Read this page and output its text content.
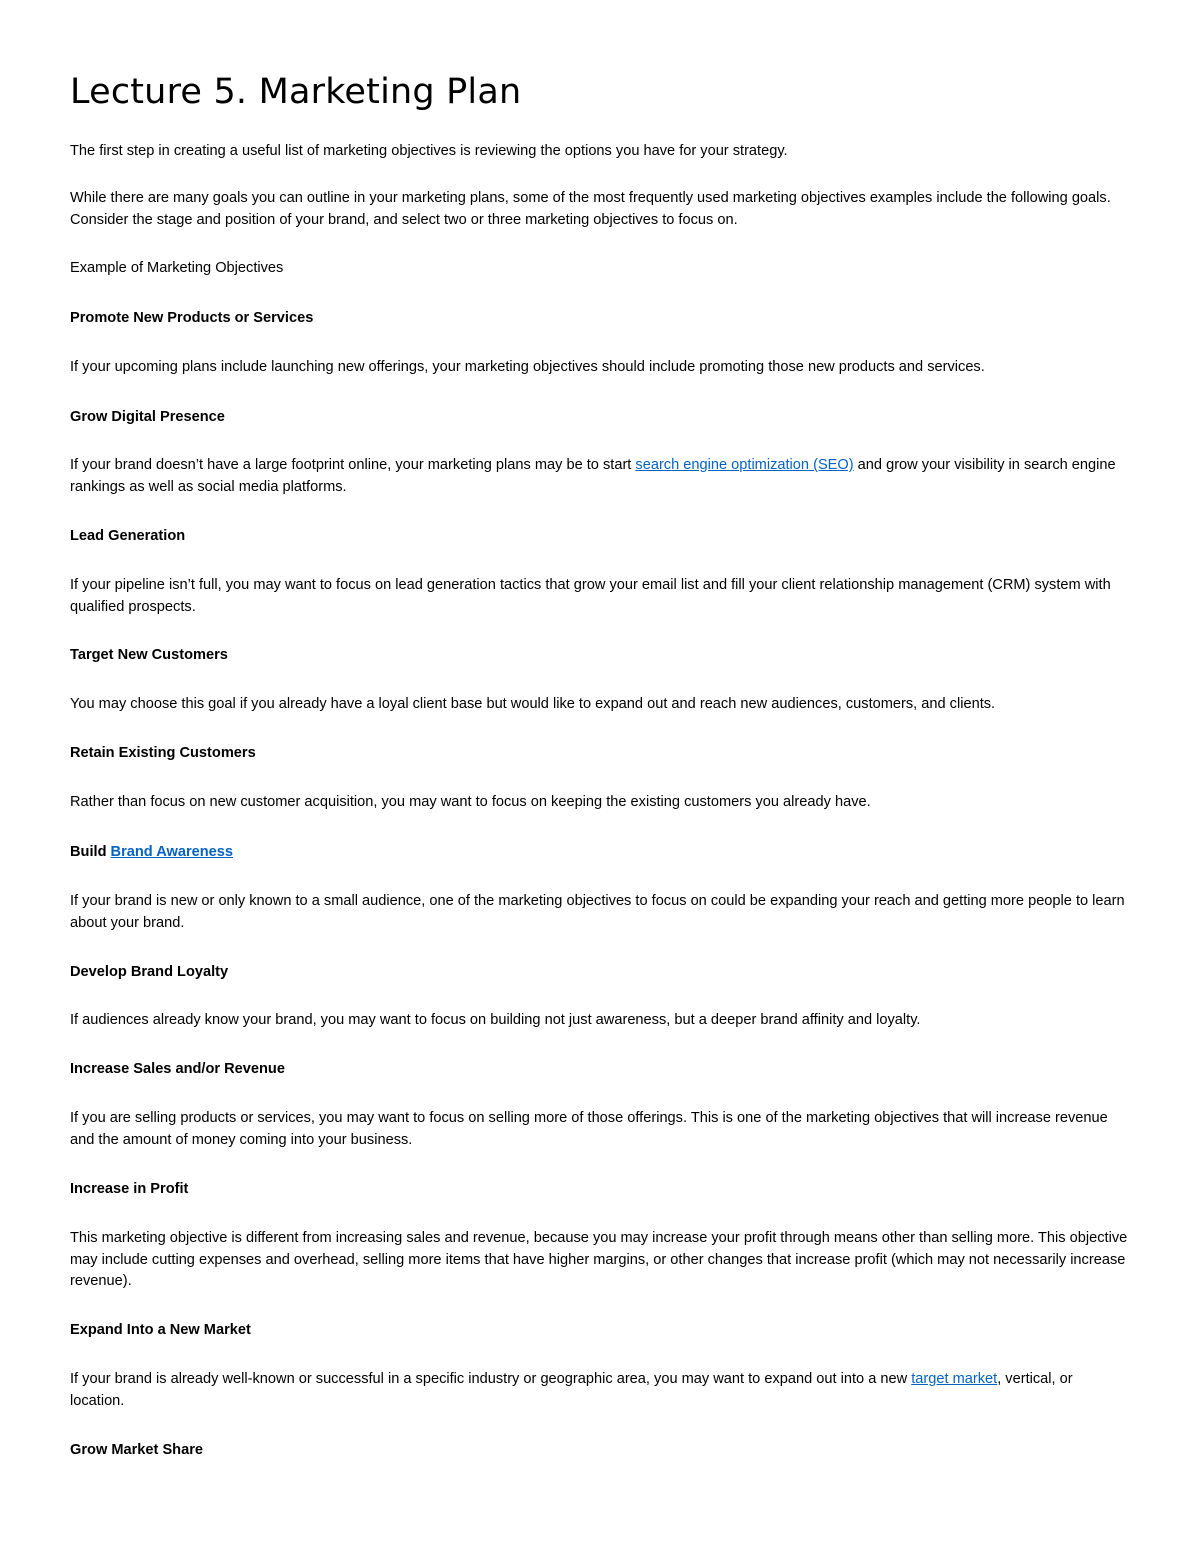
Lecture 5. Marketing Plan

The first step in creating a useful list of marketing objectives is reviewing the options you have for your strategy.

While there are many goals you can outline in your marketing plans, some of the most frequently used marketing objectives examples include the following goals. Consider the stage and position of your brand, and select two or three marketing objectives to focus on.

Example of Marketing Objectives

Promote New Products or Services

If your upcoming plans include launching new offerings, your marketing objectives should include promoting those new products and services.

Grow Digital Presence

If your brand doesn’t have a large footprint online, your marketing plans may be to start search engine optimization (SEO) and grow your visibility in search engine rankings as well as social media platforms.

Lead Generation

If your pipeline isn’t full, you may want to focus on lead generation tactics that grow your email list and fill your client relationship management (CRM) system with qualified prospects.

Target New Customers

You may choose this goal if you already have a loyal client base but would like to expand out and reach new audiences, customers, and clients.

Retain Existing Customers

Rather than focus on new customer acquisition, you may want to focus on keeping the existing customers you already have.

Build Brand Awareness

If your brand is new or only known to a small audience, one of the marketing objectives to focus on could be expanding your reach and getting more people to learn about your brand.

Develop Brand Loyalty

If audiences already know your brand, you may want to focus on building not just awareness, but a deeper brand affinity and loyalty.

Increase Sales and/or Revenue

If you are selling products or services, you may want to focus on selling more of those offerings. This is one of the marketing objectives that will increase revenue and the amount of money coming into your business.

Increase in Profit

This marketing objective is different from increasing sales and revenue, because you may increase your profit through means other than selling more. This objective may include cutting expenses and overhead, selling more items that have higher margins, or other changes that increase profit (which may not necessarily increase revenue).

Expand Into a New Market

If your brand is already well-known or successful in a specific industry or geographic area, you may want to expand out into a new target market, vertical, or location.

Grow Market Share
